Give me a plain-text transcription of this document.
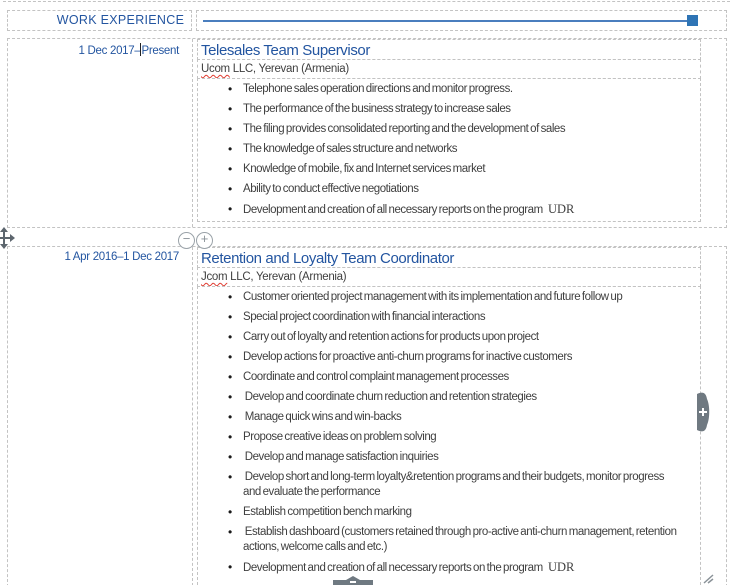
WORK EXPERIENCE
1 Dec 2017–Present	Telesales Team Supervisor
Ucom LLC, Yerevan (Armenia)
• Telephone sales operation directions and monitor progress.
• The performance of the business strategy to increase sales
• The filing provides consolidated reporting and the development of sales
• The knowledge of sales structure and networks
• Knowledge of mobile, fix and Internet services market
• Ability to conduct effective negotiations
• Development and creation of all necessary reports on the program   UDR
− +
1 Apr 2016–1 Dec 2017	Retention and Loyalty Team Coordinator
Jcom LLC, Yerevan (Armenia)
• Customer oriented project management with its implementation and future follow up
• Special project coordination with financial interactions
• Carry out of loyalty and retention actions for products upon project
• Develop actions for proactive anti-churn programs for inactive customers
• Coordinate and control complaint management processes
•  Develop and coordinate churn reduction and retention strategies
•  Manage quick wins and win-backs
• Propose creative ideas on problem solving
•  Develop and manage satisfaction inquiries
•  Develop short and long-term loyalty&retention programs and their budgets, monitor progress and evaluate the performance
• Establish competition bench marking
•  Establish dashboard (customers retained through pro-active anti-churn management, retention actions, welcome calls and etc.)
• Development and creation of all necessary reports on the program   UDR
